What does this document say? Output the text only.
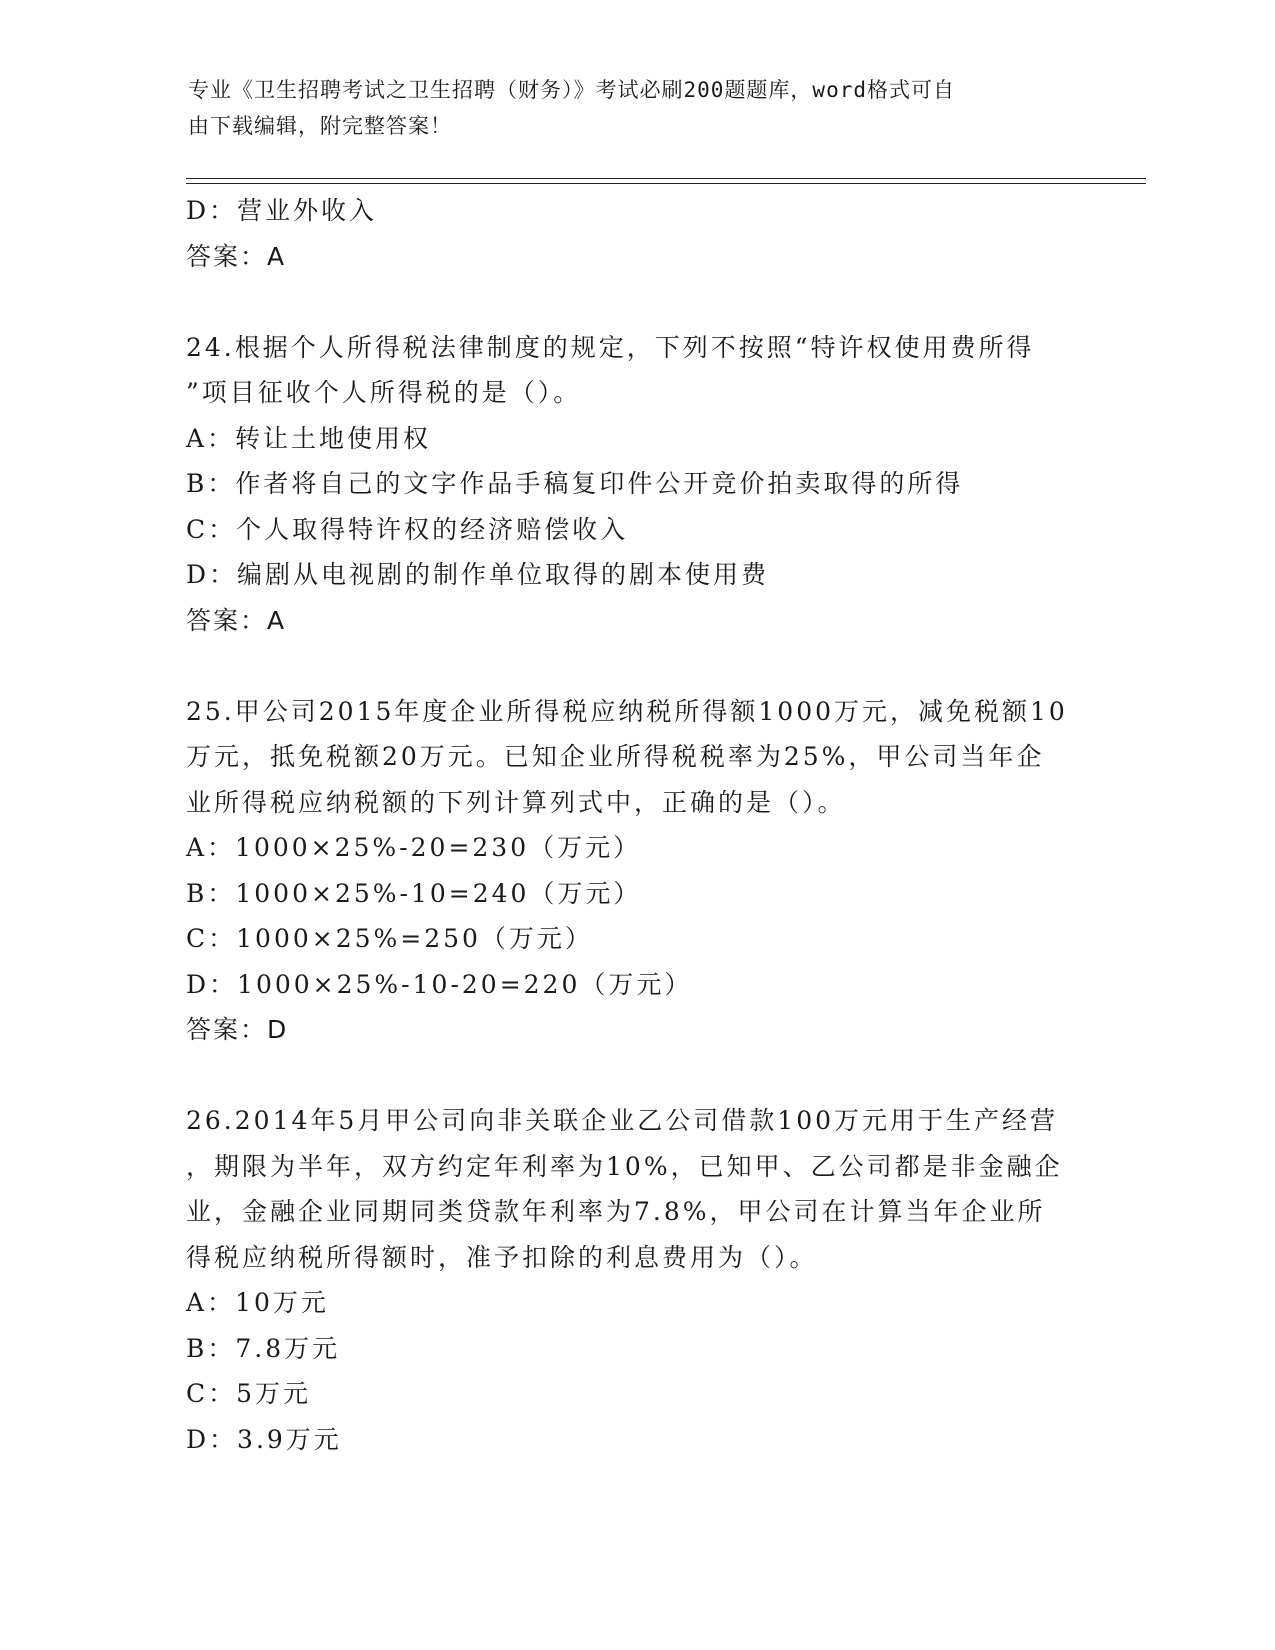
专业《卫生招聘考试之卫生招聘（财务）》考试必刷200题题库，word格式可自
由下载编辑，附完整答案！
D：营业外收入
答案：A
24.根据个人所得税法律制度的规定，下列不按照“特许权使用费所得
”项目征收个人所得税的是（）。
A：转让土地使用权
B：作者将自己的文字作品手稿复印件公开竞价拍卖取得的所得
C：个人取得特许权的经济赔偿收入
D：编剧从电视剧的制作单位取得的剧本使用费
答案：A
25.甲公司2015年度企业所得税应纳税所得额1000万元，减免税额10
万元，抵免税额20万元。已知企业所得税税率为25%，甲公司当年企
业所得税应纳税额的下列计算列式中，正确的是（）。
A：1000×25%-20=230（万元）
B：1000×25%-10=240（万元）
C：1000×25%=250（万元）
D：1000×25%-10-20=220（万元）
答案：D
26.2014年5月甲公司向非关联企业乙公司借款100万元用于生产经营
，期限为半年，双方约定年利率为10%，已知甲、乙公司都是非金融企
业，金融企业同期同类贷款年利率为7.8%，甲公司在计算当年企业所
得税应纳税所得额时，准予扣除的利息费用为（）。
A：10万元
B：7.8万元
C：5万元
D：3.9万元
